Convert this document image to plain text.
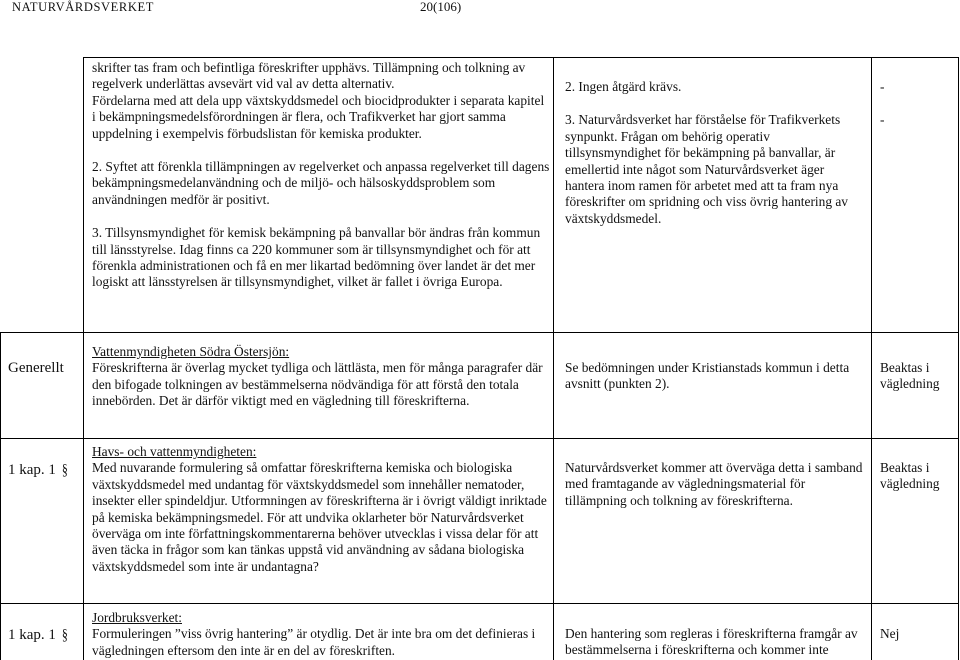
NATURVÅRDSVERKET	20(106)

skrifter tas fram och befintliga föreskrifter upphävs. Tillämpning och tolkning av regelverk underlättas avsevärt vid val av detta alternativ.

Fördelarna med att dela upp växtskyddsmedel och biocidprodukter i separata kapitel i bekämpningsmedelsförordningen är flera, och Trafikverket har gjort samma uppdelning i exempelvis förbudslistan för kemiska produkter.

2. Syftet att förenkla tillämpningen av regelverket och anpassa regelverket till dagens bekämpningsmedelanvändning och de miljö- och hälsoskyddsproblem som användningen medför är positivt.

3. Tillsynsmyndighet för kemisk bekämpning på banvallar bör ändras från kommun till länsstyrelse. Idag finns ca 220 kommuner som är tillsynsmyndighet och för att förenkla administrationen och få en mer likartad bedömning över landet är det mer logiskt att länsstyrelsen är tillsynsmyndighet, vilket är fallet i övriga Europa.

2. Ingen åtgärd krävs.

3. Naturvårdsverket har förståelse för Trafikverkets synpunkt. Frågan om behörig operativ tillsynsmyndighet för bekämpning på banvallar, är emellertid inte något som Naturvårdsverket äger hantera inom ramen för arbetet med att ta fram nya föreskrifter om spridning och viss övrig hantering av växtskyddsmedel.

-

-

Generellt

Vattenmyndigheten Södra Östersjön:

Föreskrifterna är överlag mycket tydliga och lättlästa, men för många paragrafer där den bifogade tolkningen av bestämmelserna nödvändiga för att förstå den totala innebörden. Det är därför viktigt med en vägledning till föreskrifterna.

Se bedömningen under Kristianstads kommun i detta avsnitt (punkten 2).

Beaktas i vägledning

1 kap. 1 §

Havs- och vattenmyndigheten:

Med nuvarande formulering så omfattar föreskrifterna kemiska och biologiska växtskyddsmedel med undantag för växtskyddsmedel som innehåller nematoder, insekter eller spindeldjur. Utformningen av föreskrifterna är i övrigt väldigt inriktade på kemiska bekämpningsmedel. För att undvika oklarheter bör Naturvårdsverket överväga om inte författningskommentarerna behöver utvecklas i vissa delar för att även täcka in frågor som kan tänkas uppstå vid användning av sådana biologiska växtskyddsmedel som inte är undantagna?

Naturvårdsverket kommer att överväga detta i samband med framtagande av vägledningsmaterial för tillämpning och tolkning av föreskrifterna.

Beaktas i vägledning

1 kap. 1 §

Jordbruksverket:

Formuleringen ”viss övrig hantering” är otydlig. Det är inte bra om det definieras i vägledningen eftersom den inte är en del av föreskriften.

Den hantering som regleras i föreskrifterna framgår av bestämmelserna i föreskrifterna och kommer inte

Nej
